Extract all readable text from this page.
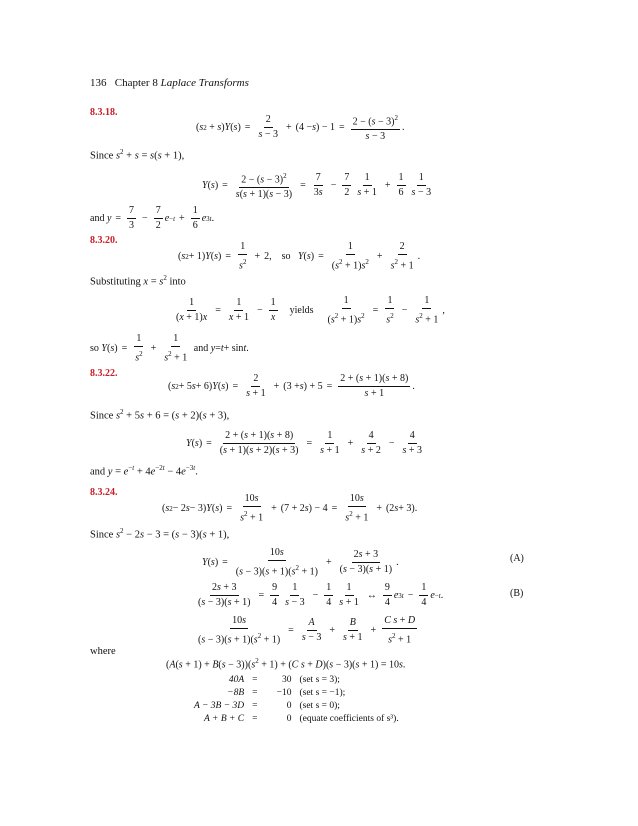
136 Chapter 8 Laplace Transforms
8.3.18.
( s 2 + s ) Y ( s ) = $\frac{2}{s - 3} + (4 - s$ ) − $1 = \frac{2 - (s - 3)^2}{s - 3}$ .
Since $s^2 + s = s(s + 1)$,
Y ( s ) = $\frac{2 - (s - 3)^2}{s(s + 1)(s - 3)} = \frac{7}{3s} - \frac{7}{2} \frac{1}{s + 1} + \frac{1}{6} \frac{1}{s - 3}$
and
$y = \frac{7}{3} - \frac{7}{2}$ $e -t + \frac{1}{6}$ e 3t .
8.3.20.
( s 2 + 1) Y ( s ) = $\frac{1}{s^2} + 2$, so
Y ( s ) = $\frac{1}{(s^2 + 1)s^2} + \frac{2}{s^2 + 1}$ .
Substituting $x = s^2$ into
$\frac{1}{(x + 1)x} = \frac{1}{x + 1} - \frac{1}{x}$
yields
$\frac{1}{(s^2 + 1)s^2} = \frac{1}{s^2} - \frac{1}{s^2 + 1}$ ,
so
Y ( s ) = $\frac{1}{s^2} + \frac{1}{s^2 + 1}$
and
y = t + sin t .
8.3.22.
( s 2 + 5 s + 6) Y ( s ) = $\frac{2}{s + 1} + (3 + s$ ) + $5 = \frac{2 + (s + 1)(s + 8)}{s + 1}$ .
Since $s^2 + 5s + 6 = (s + 2)(s + 3)$,
Y ( s ) = $\frac{2 + (s + 1)(s + 8)}{(s + 1)(s + 2)(s + 3)} = \frac{1}{s + 1} + \frac{4}{s + 2} - \frac{4}{s + 3}$
and $y = e^{-t} + 4e^{-2t} - 4e^{-3t}$.
8.3.24.
( s 2 − 2 s − 3) Y ( s ) = $\frac{10s}{s^2 + 1} + (7 + 2$ s ) − $4 = \frac{10s}{s^2 + 1} + (2$ s + 3).
Since $s^2 - 2s - 3 = (s - 3)(s + 1)$,
Y ( s ) = $\frac{10s}{(s - 3)(s + 1)(s^2 + 1)} + \frac{2s + 3}{(s - 3)(s + 1)}$ .	(A)
$\frac{2s + 3}{(s - 3)(s + 1)} = \frac{9}{4} \frac{1}{s - 3} - \frac{1}{4} \frac{1}{s + 1}$ ↔ $\frac{9}{4}$ e $3t - \frac{1}{4}$ e −t .	(B)
$\frac{10s}{(s - 3)(s + 1)(s^2 + 1)} = \frac{A}{s - 3} + \frac{B}{s + 1} + \frac{\text{C s + D}}{s^2 + 1}$
where
$(A(s + 1) + B(s - 3))(s^2 + 1) + (C$ s + D)(s − 3)(s + 1) = 10s.
40A	=	30	(set s = 3);
−8B	=	−10	(set s = −1);
A − 3B − 3D	=	0	(set s = 0);
A + B + C	=	0	(equate coefficients of s³).
